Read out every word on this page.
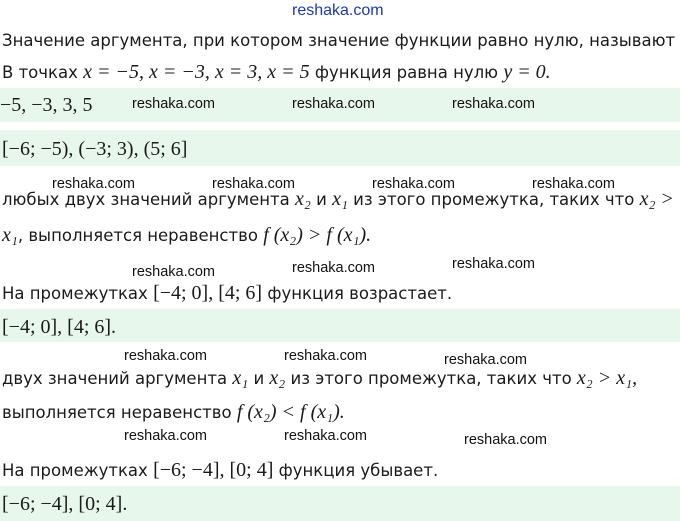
reshaka.com
Значение аргумента, при котором значение функции равно нулю, называют
В точках x = −5, x = −3, x = 3, x = 5 функция равна нулю y = 0.
−5, −3, 3, 5
[−6; −5), (−3; 3), (5; 6]
любых двух значений аргумента x₂ и x₁ из этого промежутка, таких что x₂ >
x₁, выполняется неравенство f (x₂) > f (x₁).
На промежутках [−4; 0], [4; 6] функция возрастает.
[−4; 0], [4; 6].
двух значений аргумента x₁ и x₂ из этого промежутка, таких что x₂ > x₁,
выполняется неравенство f (x₂) < f (x₁).
На промежутках [−6; −4], [0; 4] функция убывает.
[−6; −4], [0; 4].
reshaka.com	reshaka.com	reshaka.com
reshaka.com	reshaka.com	reshaka.com	reshaka.com
reshaka.com	reshaka.com	reshaka.com
reshaka.com	reshaka.com	reshaka.com
reshaka.com	reshaka.com	reshaka.com
